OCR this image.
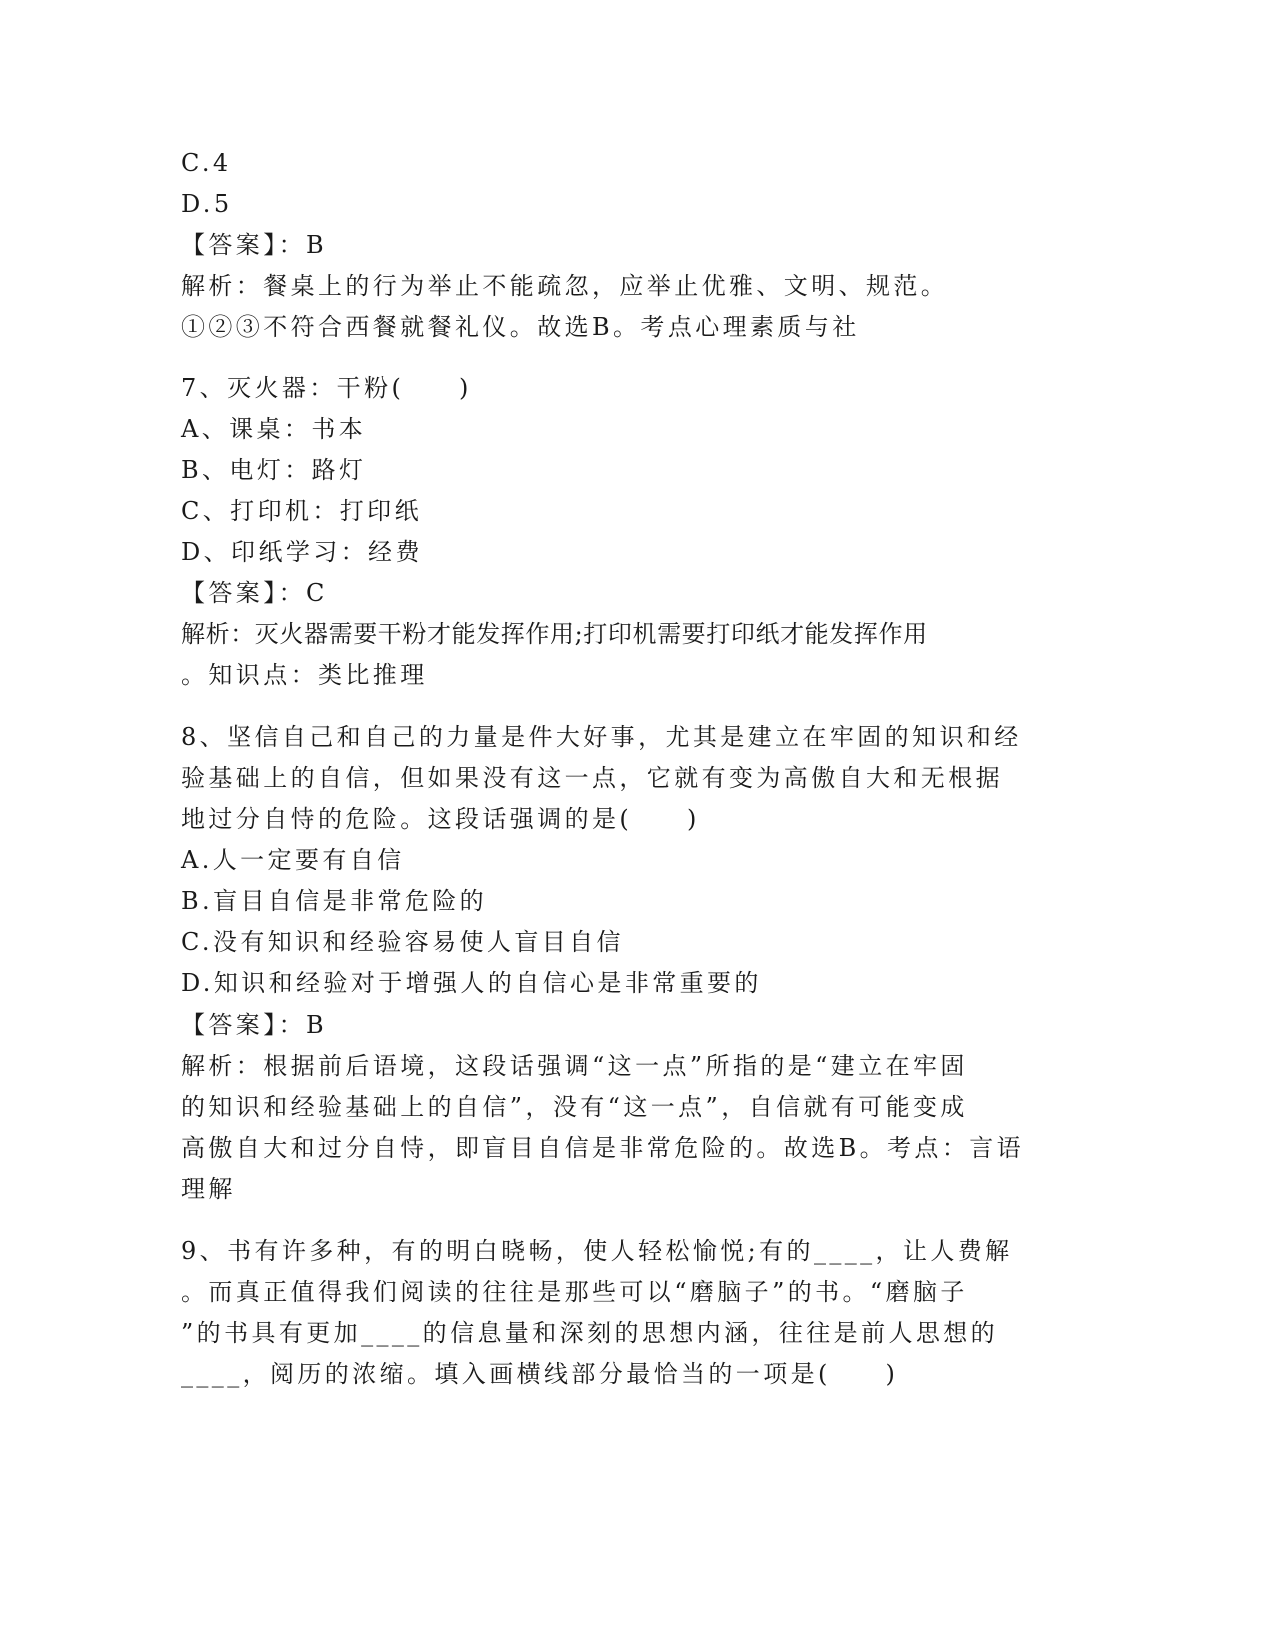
C.4
D.5
【答案】：B
解析：餐桌上的行为举止不能疏忽，应举止优雅、文明、规范。
①②③不符合西餐就餐礼仪。故选B。考点心理素质与社
7、灭火器：干粉(　　)
A、课桌：书本
B、电灯：路灯
C、打印机：打印纸
D、印纸学习：经费
【答案】：C
解析：灭火器需要干粉才能发挥作用;打印机需要打印纸才能发挥作用
。知识点：类比推理
8、坚信自己和自己的力量是件大好事，尤其是建立在牢固的知识和经
验基础上的自信，但如果没有这一点，它就有变为高傲自大和无根据
地过分自恃的危险。这段话强调的是(　　)
A.人一定要有自信
B.盲目自信是非常危险的
C.没有知识和经验容易使人盲目自信
D.知识和经验对于增强人的自信心是非常重要的
【答案】：B
解析：根据前后语境，这段话强调“这一点”所指的是“建立在牢固
的知识和经验基础上的自信”，没有“这一点”，自信就有可能变成
高傲自大和过分自恃，即盲目自信是非常危险的。故选B。考点：言语
理解
9、书有许多种，有的明白晓畅，使人轻松愉悦;有的____，让人费解
。而真正值得我们阅读的往往是那些可以“磨脑子”的书。“磨脑子
”的书具有更加____的信息量和深刻的思想内涵，往往是前人思想的
____，阅历的浓缩。填入画横线部分最恰当的一项是(　　)
